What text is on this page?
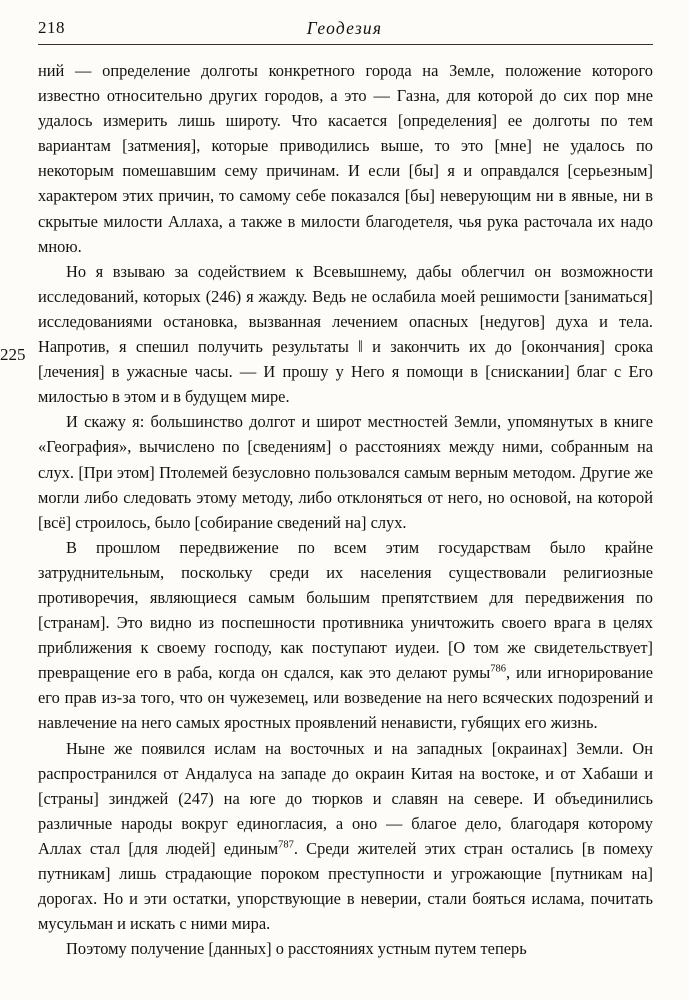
218	Геодезия
225

ний — определение долготы конкретного города на Земле, положение которого известно относительно других городов, а это — Газна, для которой до сих пор мне удалось измерить лишь широту. Что касается [определения] ее долготы по тем вариантам [затмения], которые приводились выше, то это [мне] не удалось по некоторым помешавшим сему причинам. И если [бы] я и оправдался [серьезным] характером этих причин, то самому себе показался [бы] неверующим ни в явные, ни в скрытые милости Аллаха, а также в милости благодетеля, чья рука расточала их надо мною.

Но я взываю за содействием к Всевышнему, дабы облегчил он возможности исследований, которых (246) я жажду. Ведь не ослабила моей решимости [заниматься] исследованиями остановка, вызванная лечением опасных [недугов] духа и тела. Напротив, я спешил получить результаты ‖ и закончить их до [окончания] срока [лечения] в ужасные часы. — И прошу у Него я помощи в [снискании] благ с Его милостью в этом и в будущем мире.

И скажу я: большинство долгот и широт местностей Земли, упомянутых в книге «География», вычислено по [сведениям] о расстояниях между ними, собранным на слух. [При этом] Птолемей безусловно пользовался самым верным методом. Другие же могли либо следовать этому методу, либо отклоняться от него, но основой, на которой [всё] строилось, было [собирание сведений на] слух.

В прошлом передвижение по всем этим государствам было крайне затруднительным, поскольку среди их населения существовали религиозные противоречия, являющиеся самым большим препятствием для передвижения по [странам]. Это видно из поспешности противника уничтожить своего врага в целях приближения к своему господу, как поступают иудеи. [О том же свидетельствует] превращение его в раба, когда он сдался, как это делают румы$^{786}$, или игнорирование его прав из-за того, что он чужеземец, или возведение на него всяческих подозрений и навлечение на него самых яростных проявлений ненависти, губящих его жизнь.

Ныне же появился ислам на восточных и на западных [окраинах] Земли. Он распространился от Андалуса на западе до окраин Китая на востоке, и от Хабаши и [страны] зинджей (247) на юге до тюрков и славян на севере. И объединились различные народы вокруг единогласия, а оно — благое дело, благодаря которому Аллах стал [для людей] единым$^{787}$. Среди жителей этих стран остались [в помеху путникам] лишь страдающие пороком преступности и угрожающие [путникам на] дорогах. Но и эти остатки, упорствующие в неверии, стали бояться ислама, почитать мусульман и искать с ними мира.

Поэтому получение [данных] о расстояниях устным путем теперь
